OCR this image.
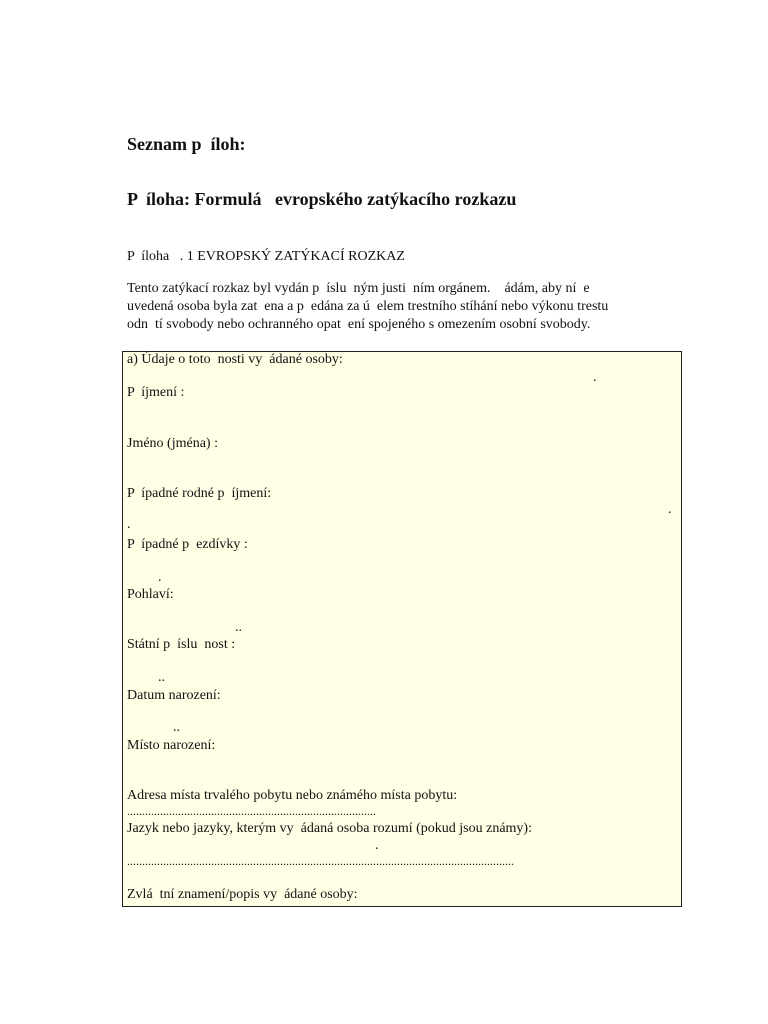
Seznam p  íloh:
P  íloha: Formulá   evropského zatýkacího rozkazu
P  íloha   . 1 EVROPSKÝ ZATÝKACÍ ROZKAZ
Tento zatýkací rozkaz byl vydán p  íslu  ným justi  ním orgánem.    ádám, aby ní  e
uvedená osoba byla zat  ena a p  edána za ú  elem trestního stíhání nebo výkonu trestu
odn  tí svobody nebo ochranného opat  ení spojeného s omezením osobní svobody.
a) Údaje o toto  nosti vy  ádané osoby:
.
P  íjmení :
Jméno (jména) :
P  ípadné rodné p  íjmení:
.
.
P  ípadné p  ezdívky :
.
Pohlaví:
..
Státní p  íslu  nost :
..
Datum narození:
..
Místo narození:
Adresa místa trvalého pobytu nebo známého místa pobytu:
...................................................................................
Jazyk nebo jazyky, kterým vy  ádaná osoba rozumí (pokud jsou známy):
.
.................................................................................................................................
Zvlá  tní znamení/popis vy  ádané osoby:
